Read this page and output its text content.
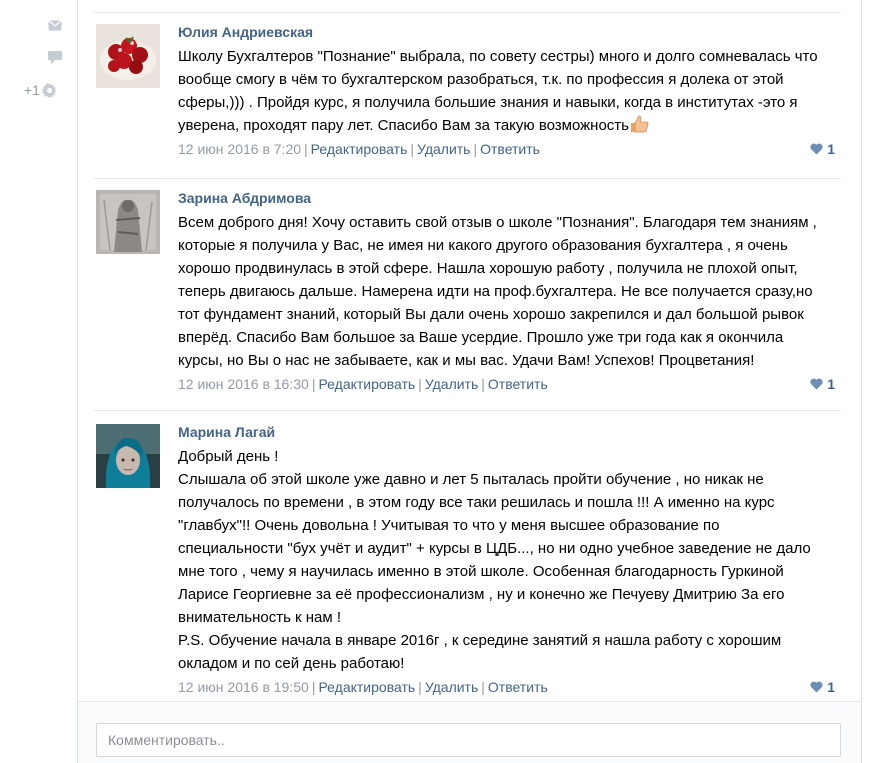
+1
Юлия Андриевская
Школу Бухгалтеров "Познание" выбрала, по совету сестры) много и долго сомневалась что
вообще смогу в чём то бухгалтерском разобраться, т.к. по профессия я долека от этой
сферы,))) . Пройдя курс, я получила большие знания и навыки, когда в институтах -это я
уверена, проходят пару лет. Спасибо Вам за такую возможность
12 июн 2016 в 7:20 | Редактировать | Удалить | Ответить	1
Зарина Абдримова
Всем доброго дня! Хочу оставить свой отзыв о школе "Познания". Благодаря тем знаниям ,
которые я получила у Вас, не имея ни какого другого образования бухгалтера , я очень
хорошо продвинулась в этой сфере. Нашла хорошую работу , получила не плохой опыт,
теперь двигаюсь дальше. Намерена идти на проф.бухгалтера. Не все получается сразу,но
тот фундамент знаний, который Вы дали очень хорошо закрепился и дал большой рывок
вперёд. Спасибо Вам большое за Ваше усердие. Прошло уже три года как я окончила
курсы, но Вы о нас не забываете, как и мы вас. Удачи Вам! Успехов! Процветания!
12 июн 2016 в 16:30 | Редактировать | Удалить | Ответить	1
Марина Лагай
Добрый день !
Слышала об этой школе уже давно и лет 5 пыталась пройти обучение , но никак не
получалось по времени , в этом году все таки решилась и пошла !!! А именно на курс
"главбух"!! Очень довольна ! Учитывая то что у меня высшее образование по
специальности "бух учёт и аудит" + курсы в ЦДБ..., но ни одно учебное заведение не дало
мне того , чему я научилась именно в этой школе. Особенная благодарность Гуркиной
Ларисе Георгиевне за её профессионализм , ну и конечно же Печуеву Дмитрию За его
внимательность к нам !
P.S. Обучение начала в январе 2016г , к середине занятий я нашла работу с хорошим
окладом и по сей день работаю!
12 июн 2016 в 19:50 | Редактировать | Удалить | Ответить	1
Комментировать..
